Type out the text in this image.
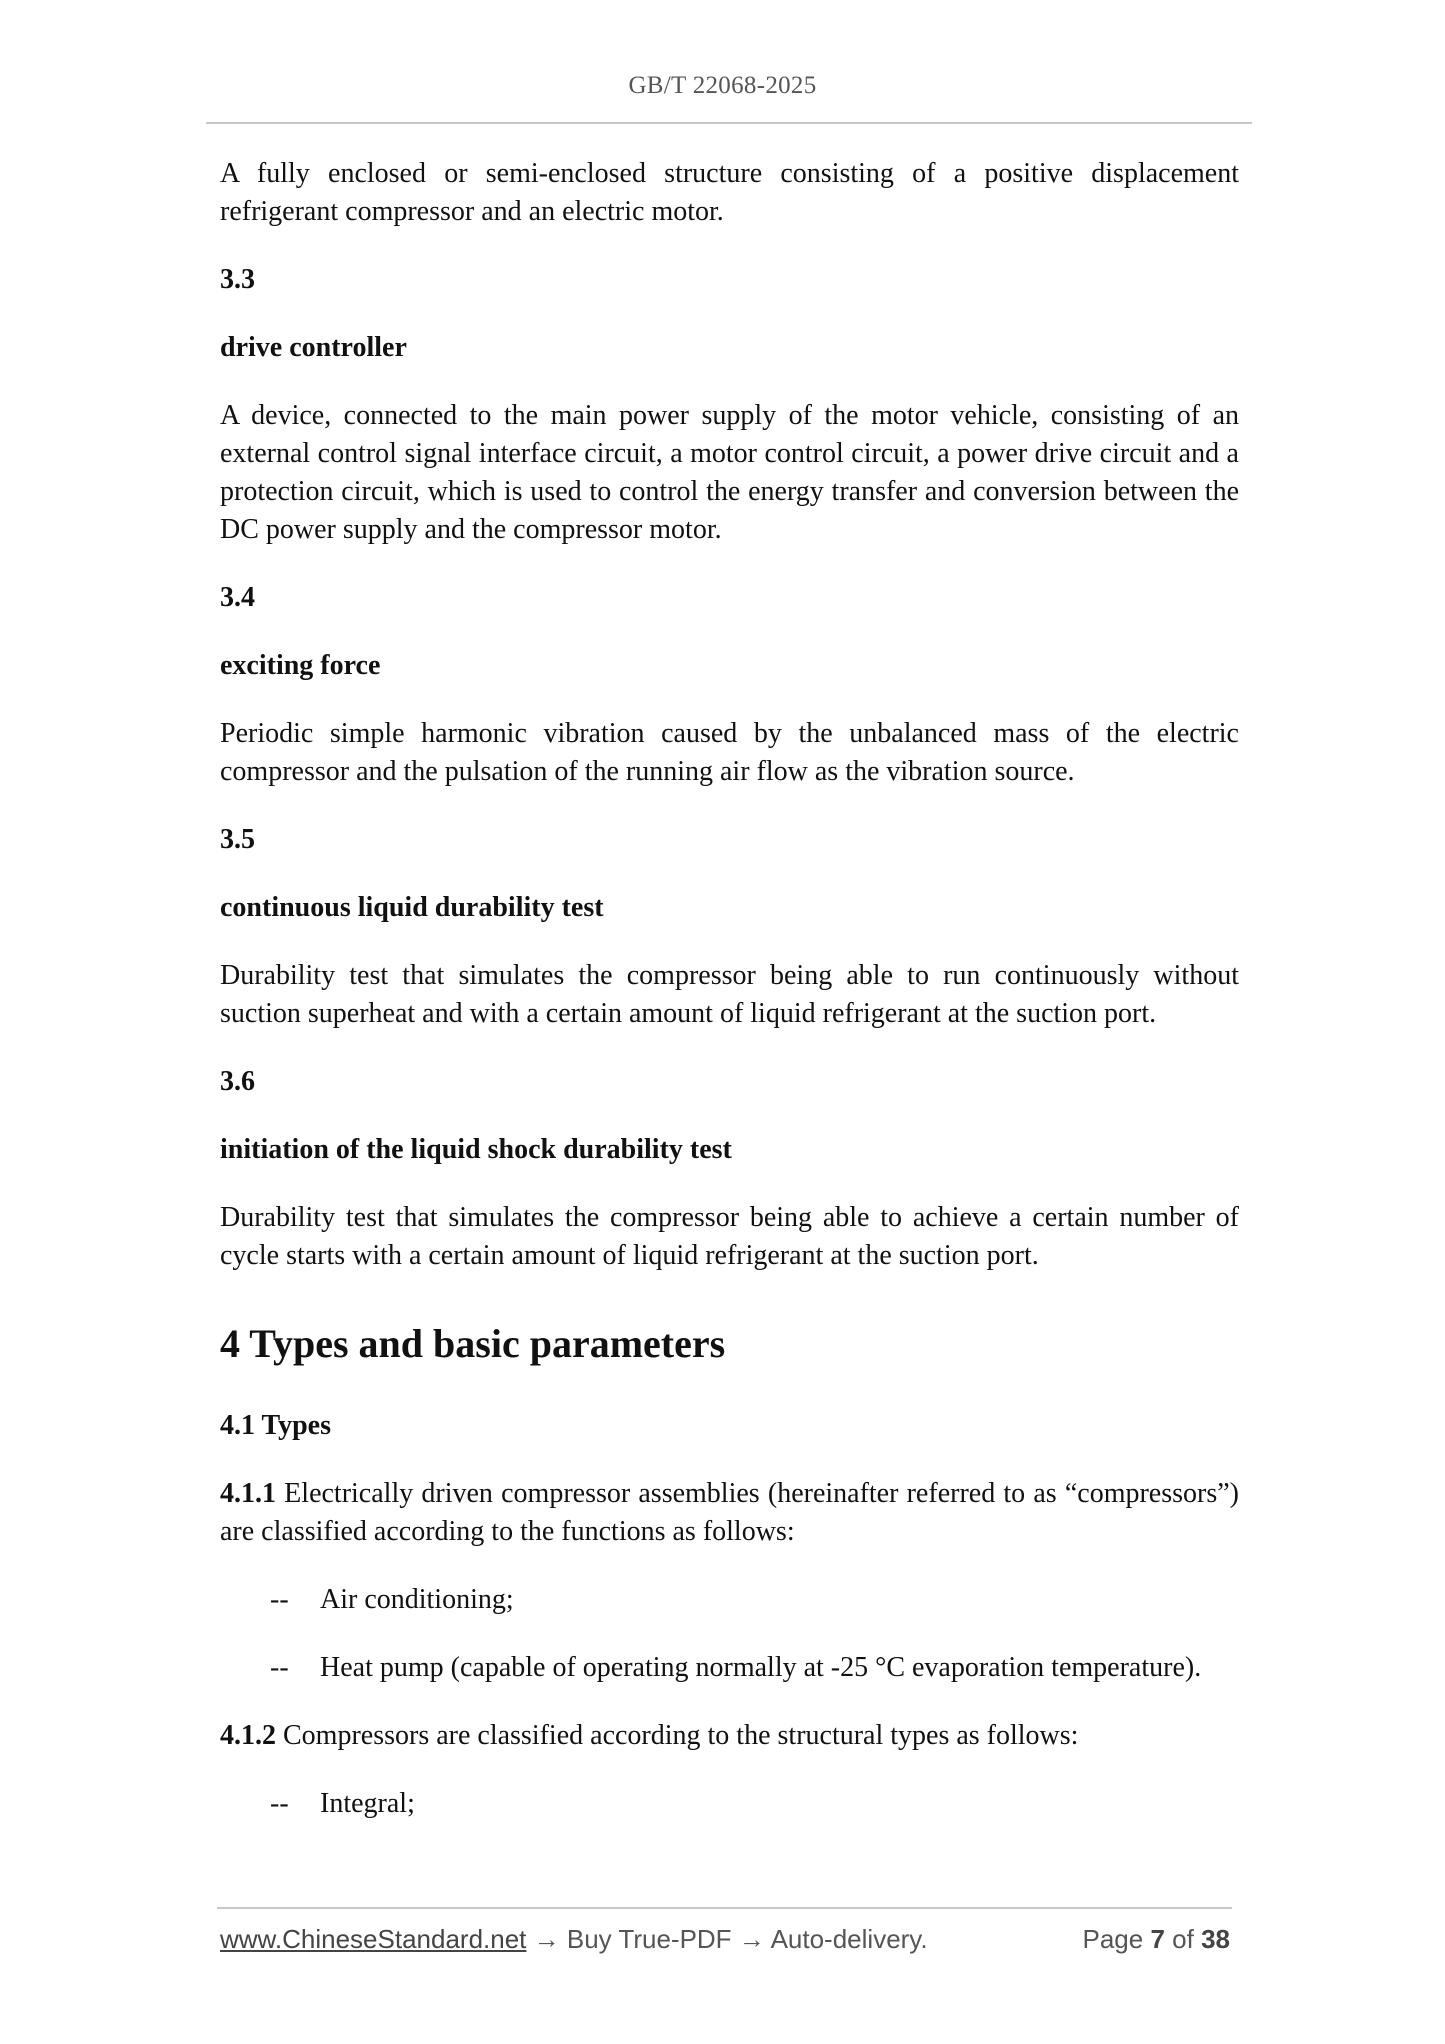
GB/T 22068-2025

A fully enclosed or semi-enclosed structure consisting of a positive displacement refrigerant compressor and an electric motor.

3.3

drive controller

A device, connected to the main power supply of the motor vehicle, consisting of an external control signal interface circuit, a motor control circuit, a power drive circuit and a protection circuit, which is used to control the energy transfer and conversion between the DC power supply and the compressor motor.

3.4

exciting force

Periodic simple harmonic vibration caused by the unbalanced mass of the electric compressor and the pulsation of the running air flow as the vibration source.

3.5

continuous liquid durability test

Durability test that simulates the compressor being able to run continuously without suction superheat and with a certain amount of liquid refrigerant at the suction port.

3.6

initiation of the liquid shock durability test

Durability test that simulates the compressor being able to achieve a certain number of cycle starts with a certain amount of liquid refrigerant at the suction port.

4 Types and basic parameters

4.1 Types

4.1.1 Electrically driven compressor assemblies (hereinafter referred to as “compressors”) are classified according to the functions as follows:

--	Air conditioning;
--	Heat pump (capable of operating normally at -25 °C evaporation temperature).

4.1.2 Compressors are classified according to the structural types as follows:

--	Integral;
www.ChineseStandard.net → Buy True-PDF → Auto-delivery.	Page 7 of 38
